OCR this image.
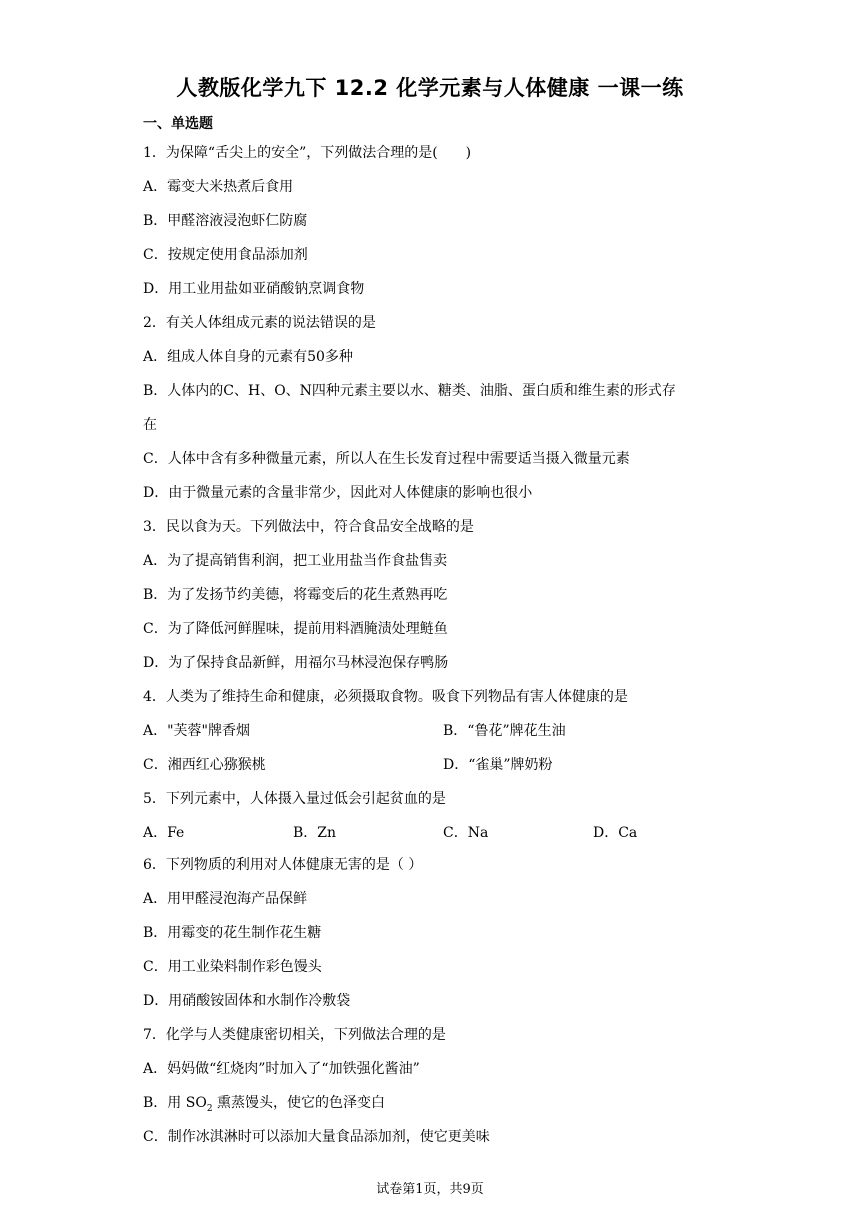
人教版化学九下 12.2 化学元素与人体健康 一课一练
一、单选题
1．为保障“舌尖上的安全”，下列做法合理的是(　　)
A．霉变大米热煮后食用
B．甲醛溶液浸泡虾仁防腐
C．按规定使用食品添加剂
D．用工业用盐如亚硝酸钠烹调食物
2．有关人体组成元素的说法错误的是
A．组成人体自身的元素有50多种
B．人体内的C、H、O、N四种元素主要以水、糖类、油脂、蛋白质和维生素的形式存
在
C．人体中含有多种微量元素，所以人在生长发育过程中需要适当摄入微量元素
D．由于微量元素的含量非常少，因此对人体健康的影响也很小
3．民以食为天。下列做法中，符合食品安全战略的是
A．为了提高销售利润，把工业用盐当作食盐售卖
B．为了发扬节约美德，将霉变后的花生煮熟再吃
C．为了降低河鲜腥味，提前用料酒腌渍处理鲢鱼
D．为了保持食品新鲜，用福尔马林浸泡保存鸭肠
4．人类为了维持生命和健康，必须摄取食物。吸食下列物品有害人体健康的是
A．"芙蓉"牌香烟	B．“鲁花”牌花生油
C．湘西红心猕猴桃	D．“雀巢”牌奶粉
5．下列元素中，人体摄入量过低会引起贫血的是
A．Fe	B．Zn	C．Na	D．Ca
6．下列物质的利用对人体健康无害的是（ ）
A．用甲醛浸泡海产品保鲜
B．用霉变的花生制作花生糖
C．用工业染料制作彩色馒头
D．用硝酸铵固体和水制作冷敷袋
7．化学与人类健康密切相关，下列做法合理的是
A．妈妈做“红烧肉”时加入了“加铁强化酱油”
B．用 $SO_2$ 熏蒸馒头，使它的色泽变白
C．制作冰淇淋时可以添加大量食品添加剂，使它更美味
试卷第1页，共9页
